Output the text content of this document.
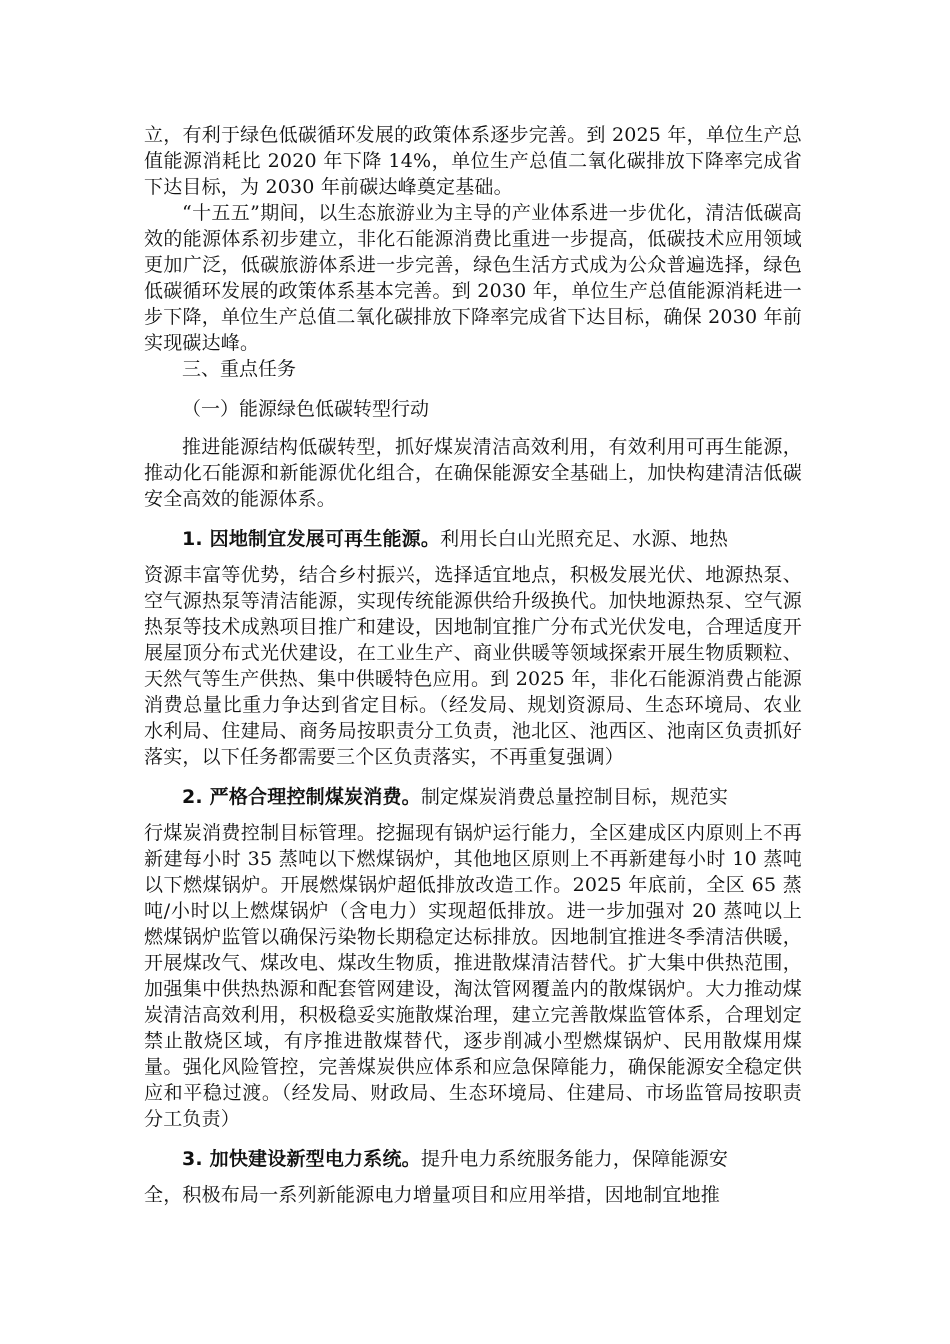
立，有利于绿色低碳循环发展的政策体系逐步完善。到 2025 年，单位生产总值能源消耗比 2020 年下降 14%，单位生产总值二氧化碳排放下降率完成省下达目标，为 2030 年前碳达峰奠定基础。

“十五五”期间，以生态旅游业为主导的产业体系进一步优化，清洁低碳高效的能源体系初步建立，非化石能源消费比重进一步提高，低碳技术应用领域更加广泛，低碳旅游体系进一步完善，绿色生活方式成为公众普遍选择，绿色低碳循环发展的政策体系基本完善。到 2030 年，单位生产总值能源消耗进一步下降，单位生产总值二氧化碳排放下降率完成省下达目标，确保 2030 年前实现碳达峰。

三、重点任务

（一）能源绿色低碳转型行动

推进能源结构低碳转型，抓好煤炭清洁高效利用，有效利用可再生能源，推动化石能源和新能源优化组合，在确保能源安全基础上，加快构建清洁低碳安全高效的能源体系。

1. 因地制宜发展可再生能源。利用长白山光照充足、水源、地热

资源丰富等优势，结合乡村振兴，选择适宜地点，积极发展光伏、地源热泵、空气源热泵等清洁能源，实现传统能源供给升级换代。加快地源热泵、空气源热泵等技术成熟项目推广和建设，因地制宜推广分布式光伏发电，合理适度开展屋顶分布式光伏建设，在工业生产、商业供暖等领域探索开展生物质颗粒、天然气等生产供热、集中供暖特色应用。到 2025 年，非化石能源消费占能源消费总量比重力争达到省定目标。（经发局、规划资源局、生态环境局、农业水利局、住建局、商务局按职责分工负责，池北区、池西区、池南区负责抓好落实，以下任务都需要三个区负责落实，不再重复强调）

2. 严格合理控制煤炭消费。制定煤炭消费总量控制目标，规范实

行煤炭消费控制目标管理。挖掘现有锅炉运行能力，全区建成区内原则上不再新建每小时 35 蒸吨以下燃煤锅炉，其他地区原则上不再新建每小时 10 蒸吨以下燃煤锅炉。开展燃煤锅炉超低排放改造工作。2025 年底前，全区 65 蒸吨/小时以上燃煤锅炉（含电力）实现超低排放。进一步加强对 20 蒸吨以上燃煤锅炉监管以确保污染物长期稳定达标排放。因地制宜推进冬季清洁供暖，开展煤改气、煤改电、煤改生物质，推进散煤清洁替代。扩大集中供热范围，加强集中供热热源和配套管网建设，淘汰管网覆盖内的散煤锅炉。大力推动煤炭清洁高效利用，积极稳妥实施散煤治理，建立完善散煤监管体系，合理划定禁止散烧区域，有序推进散煤替代，逐步削减小型燃煤锅炉、民用散煤用煤量。强化风险管控，完善煤炭供应体系和应急保障能力，确保能源安全稳定供应和平稳过渡。（经发局、财政局、生态环境局、住建局、市场监管局按职责分工负责）

3. 加快建设新型电力系统。提升电力系统服务能力，保障能源安

全，积极布局一系列新能源电力增量项目和应用举措，因地制宜地推
